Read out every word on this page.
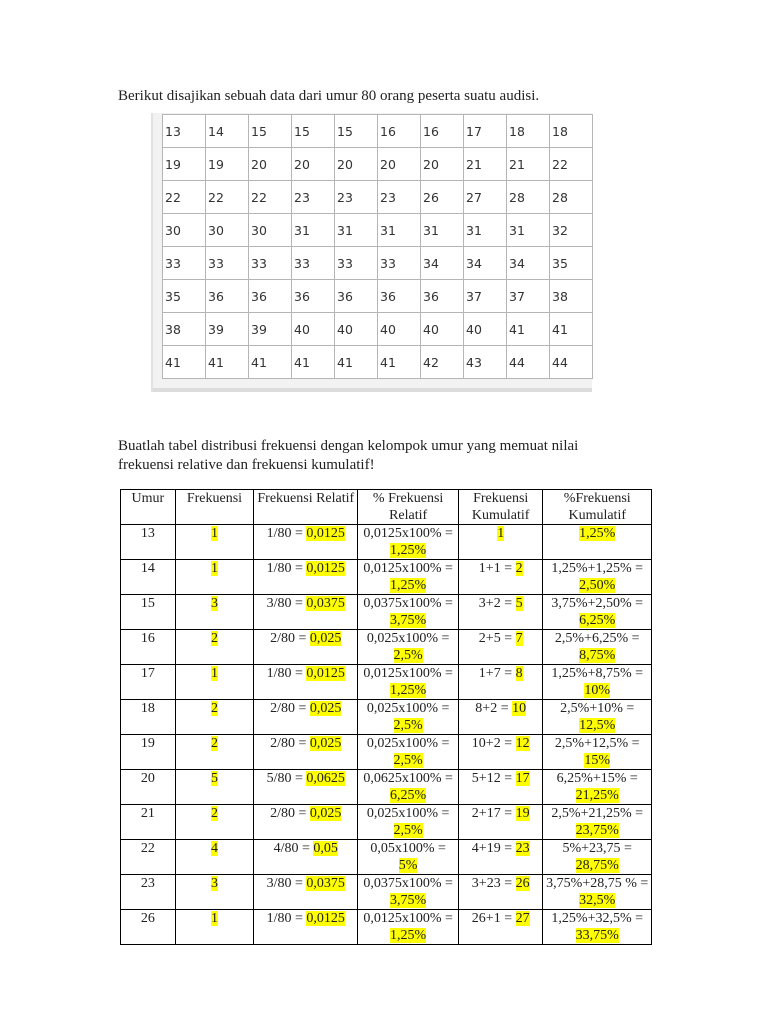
Berikut disajikan sebuah data dari umur 80 orang peserta suatu audisi.
13	14	15	15	15	16	16	17	18	18
19	19	20	20	20	20	20	21	21	22
22	22	22	23	23	23	26	27	28	28
30	30	30	31	31	31	31	31	31	32
33	33	33	33	33	33	34	34	34	35
35	36	36	36	36	36	36	37	37	38
38	39	39	40	40	40	40	40	41	41
41	41	41	41	41	41	42	43	44	44
Buatlah tabel distribusi frekuensi dengan kelompok umur yang memuat nilai frekuensi relative dan frekuensi kumulatif!
Umur	Frekuensi	Frekuensi Relatif	% Frekuensi Relatif	Frekuensi Kumulatif	%Frekuensi Kumulatif
13	1	1/80 = 0,0125	0,0125x100% = 1,25%	1	1,25%
14	1	1/80 = 0,0125	0,0125x100% = 1,25%	1+1 = 2	1,25%+1,25% = 2,50%
15	3	3/80 = 0,0375	0,0375x100% = 3,75%	3+2 = 5	3,75%+2,50% = 6,25%
16	2	2/80 = 0,025	0,025x100% = 2,5%	2+5 = 7	2,5%+6,25% = 8,75%
17	1	1/80 = 0,0125	0,0125x100% = 1,25%	1+7 = 8	1,25%+8,75% = 10%
18	2	2/80 = 0,025	0,025x100% = 2,5%	8+2 = 10	2,5%+10% = 12,5%
19	2	2/80 = 0,025	0,025x100% = 2,5%	10+2 = 12	2,5%+12,5% = 15%
20	5	5/80 = 0,0625	0,0625x100% = 6,25%	5+12 = 17	6,25%+15% = 21,25%
21	2	2/80 = 0,025	0,025x100% = 2,5%	2+17 = 19	2,5%+21,25% = 23,75%
22	4	4/80 = 0,05	0,05x100% = 5%	4+19 = 23	5%+23,75 = 28,75%
23	3	3/80 = 0,0375	0,0375x100% = 3,75%	3+23 = 26	3,75%+28,75 % = 32,5%
26	1	1/80 = 0,0125	0,0125x100% = 1,25%	26+1 = 27	1,25%+32,5% = 33,75%
